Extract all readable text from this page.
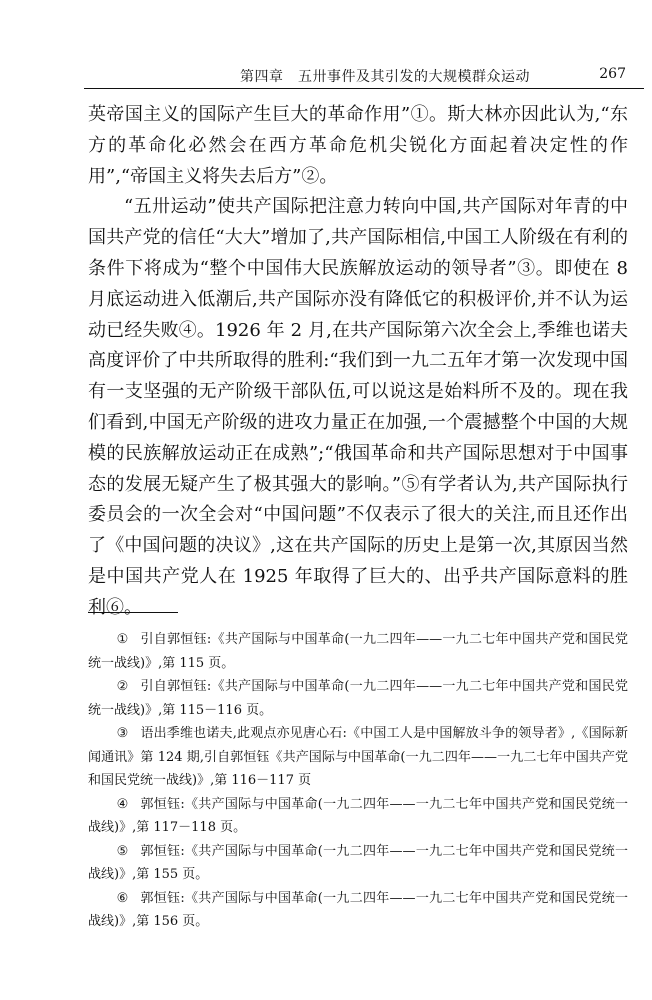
第四章　五卅事件及其引发的大规模群众运动	267

英帝国主义的国际产生巨大的革命作用”①。斯大林亦因此认为,“东方的革命化必然会在西方革命危机尖锐化方面起着决定性的作用”,“帝国主义将失去后方”②。

“五卅运动”使共产国际把注意力转向中国,共产国际对年青的中国共产党的信任“大大”增加了,共产国际相信,中国工人阶级在有利的条件下将成为“整个中国伟大民族解放运动的领导者”③。即使在 8 月底运动进入低潮后,共产国际亦没有降低它的积极评价,并不认为运动已经失败④。1926 年 2 月,在共产国际第六次全会上,季维也诺夫高度评价了中共所取得的胜利:“我们到一九二五年才第一次发现中国有一支坚强的无产阶级干部队伍,可以说这是始料所不及的。现在我们看到,中国无产阶级的进攻力量正在加强,一个震撼整个中国的大规模的民族解放运动正在成熟”;“俄国革命和共产国际思想对于中国事态的发展无疑产生了极其强大的影响。”⑤有学者认为,共产国际执行委员会的一次全会对“中国问题”不仅表示了很大的关注,而且还作出了《中国问题的决议》,这在共产国际的历史上是第一次,其原因当然是中国共产党人在 1925 年取得了巨大的、出乎共产国际意料的胜利⑥。

① 引自郭恒钰:《共产国际与中国革命(一九二四年——一九二七年中国共产党和国民党统一战线)》,第 115 页。

② 引自郭恒钰:《共产国际与中国革命(一九二四年——一九二七年中国共产党和国民党统一战线)》,第 115－116 页。

③ 语出季维也诺夫,此观点亦见唐心石:《中国工人是中国解放斗争的领导者》,《国际新闻通讯》第 124 期,引自郭恒钰《共产国际与中国革命(一九二四年——一九二七年中国共产党和国民党统一战线)》,第 116－117 页

④ 郭恒钰:《共产国际与中国革命(一九二四年——一九二七年中国共产党和国民党统一战线)》,第 117－118 页。

⑤ 郭恒钰:《共产国际与中国革命(一九二四年——一九二七年中国共产党和国民党统一战线)》,第 155 页。

⑥ 郭恒钰:《共产国际与中国革命(一九二四年——一九二七年中国共产党和国民党统一战线)》,第 156 页。
